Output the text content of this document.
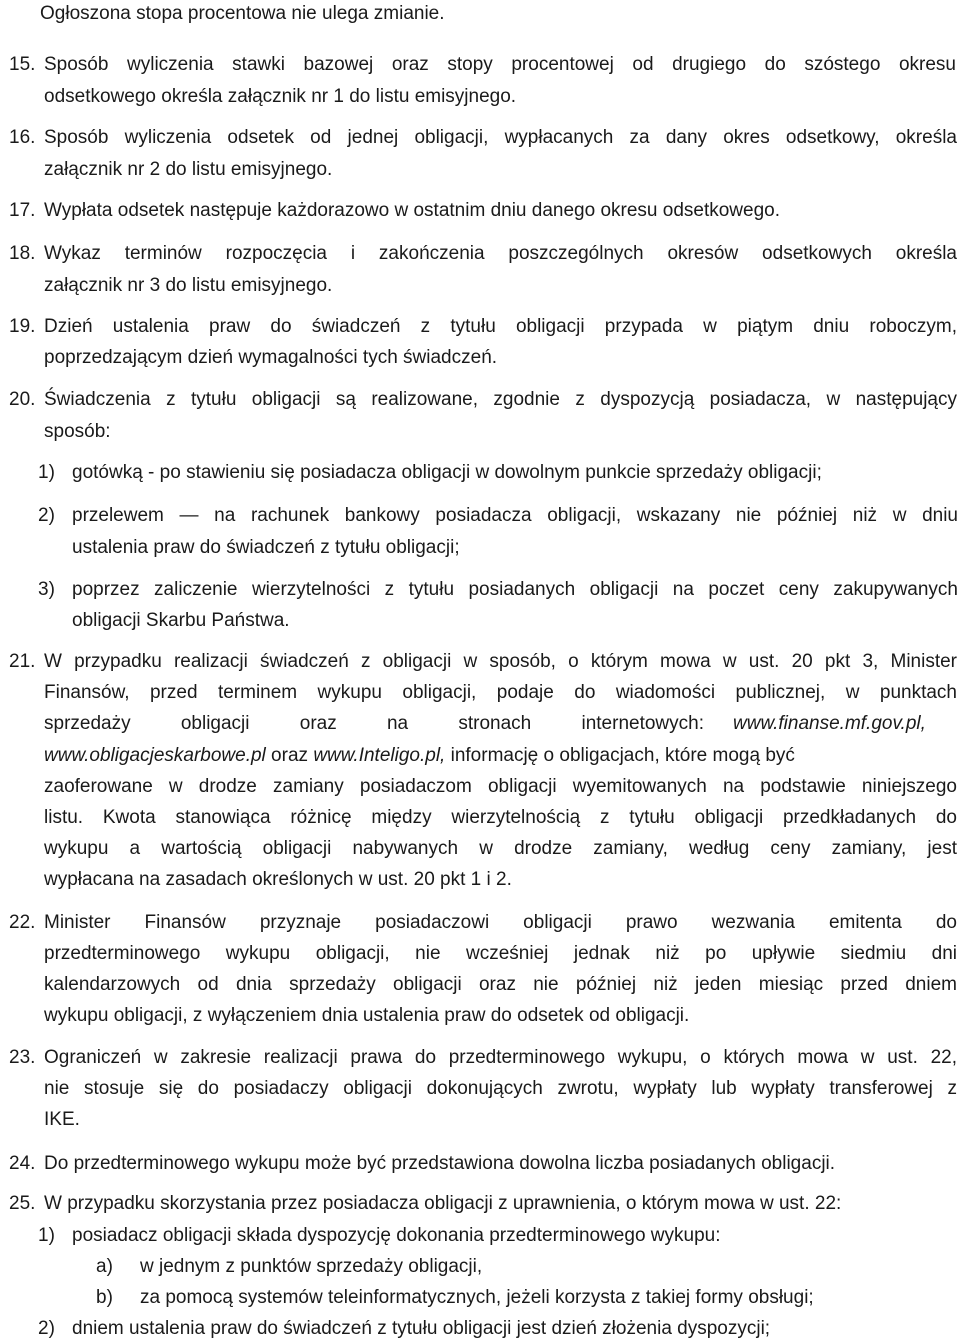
Ogłoszona stopa procentowa nie ulega zmianie.
15. Sposób wyliczenia stawki bazowej oraz stopy procentowej od drugiego do szóstego okresu
odsetkowego określa załącznik nr 1 do listu emisyjnego.
16. Sposób wyliczenia odsetek od jednej obligacji, wypłacanych za dany okres odsetkowy, określa
załącznik nr 2 do listu emisyjnego.
17. Wypłata odsetek następuje każdorazowo w ostatnim dniu danego okresu odsetkowego.
18. Wykaz terminów rozpoczęcia i zakończenia poszczególnych okresów odsetkowych określa
załącznik nr 3 do listu emisyjnego.
19. Dzień ustalenia praw do świadczeń z tytułu obligacji przypada w piątym dniu roboczym,
poprzedzającym dzień wymagalności tych świadczeń.
20. Świadczenia z tytułu obligacji są realizowane, zgodnie z dyspozycją posiadacza, w następujący
sposób:
1) gotówką - po stawieniu się posiadacza obligacji w dowolnym punkcie sprzedaży obligacji;
2) przelewem — na rachunek bankowy posiadacza obligacji, wskazany nie później niż w dniu
ustalenia praw do świadczeń z tytułu obligacji;
3) poprzez zaliczenie wierzytelności z tytułu posiadanych obligacji na poczet ceny zakupywanych
obligacji Skarbu Państwa.
21. W przypadku realizacji świadczeń z obligacji w sposób, o którym mowa w ust. 20 pkt 3, Minister
Finansów, przed terminem wykupu obligacji, podaje do wiadomości publicznej, w punktach
sprzedaży obligacji oraz na stronach internetowych: www.finanse.mf.gov.pl,
www.obligacjeskarbowe.pl oraz www.Inteligo.pl, informację o obligacjach, które mogą być
zaoferowane w drodze zamiany posiadaczom obligacji wyemitowanych na podstawie niniejszego
listu. Kwota stanowiąca różnicę między wierzytelnością z tytułu obligacji przedkładanych do
wykupu a wartością obligacji nabywanych w drodze zamiany, według ceny zamiany, jest
wypłacana na zasadach określonych w ust. 20 pkt 1 i 2.
22. Minister Finansów przyznaje posiadaczowi obligacji prawo wezwania emitenta do
przedterminowego wykupu obligacji, nie wcześniej jednak niż po upływie siedmiu dni
kalendarzowych od dnia sprzedaży obligacji oraz nie później niż jeden miesiąc przed dniem
wykupu obligacji, z wyłączeniem dnia ustalenia praw do odsetek od obligacji.
23. Ograniczeń w zakresie realizacji prawa do przedterminowego wykupu, o których mowa w ust. 22,
nie stosuje się do posiadaczy obligacji dokonujących zwrotu, wypłaty lub wypłaty transferowej z
IKE.
24. Do przedterminowego wykupu może być przedstawiona dowolna liczba posiadanych obligacji.
25. W przypadku skorzystania przez posiadacza obligacji z uprawnienia, o którym mowa w ust. 22:
1) posiadacz obligacji składa dyspozycję dokonania przedterminowego wykupu:
a) w jednym z punktów sprzedaży obligacji,
b) za pomocą systemów teleinformatycznych, jeżeli korzysta z takiej formy obsługi;
2) dniem ustalenia praw do świadczeń z tytułu obligacji jest dzień złożenia dyspozycji;
